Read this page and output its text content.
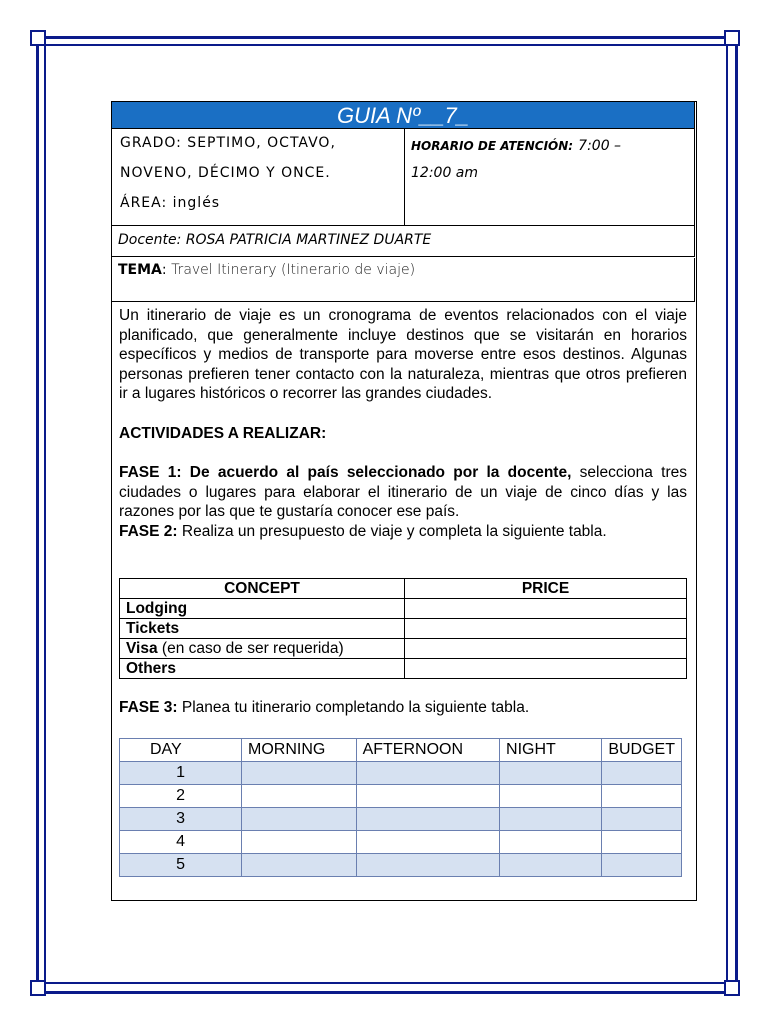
GUIA Nº__7_
GRADO: SEPTIMO, OCTAVO,
NOVENO, DÉCIMO Y ONCE.
ÁREA: inglés
HORARIO DE ATENCIÓN: 7:00 –
12:00 am
Docente: ROSA PATRICIA MARTINEZ DUARTE
TEMA: Travel Itinerary (Itinerario de viaje)

Un itinerario de viaje es un cronograma de eventos relacionados con el viaje planificado, que generalmente incluye destinos que se visitarán en horarios específicos y medios de transporte para moverse entre esos destinos. Algunas personas prefieren tener contacto con la naturaleza, mientras que otros prefieren ir a lugares históricos o recorrer las grandes ciudades.

ACTIVIDADES A REALIZAR:

FASE 1: De acuerdo al país seleccionado por la docente, selecciona tres ciudades o lugares para elaborar el itinerario de un viaje de cinco días y las razones por las que te gustaría conocer ese país.

FASE 2: Realiza un presupuesto de viaje y completa la siguiente tabla.

CONCEPT	PRICE
Lodging	
Tickets	
Visa (en caso de ser requerida)	
Others	
FASE 3: Planea tu itinerario completando la siguiente tabla.
DAY	MORNING	AFTERNOON	NIGHT	BUDGET
1				
2				
3				
4				
5				
